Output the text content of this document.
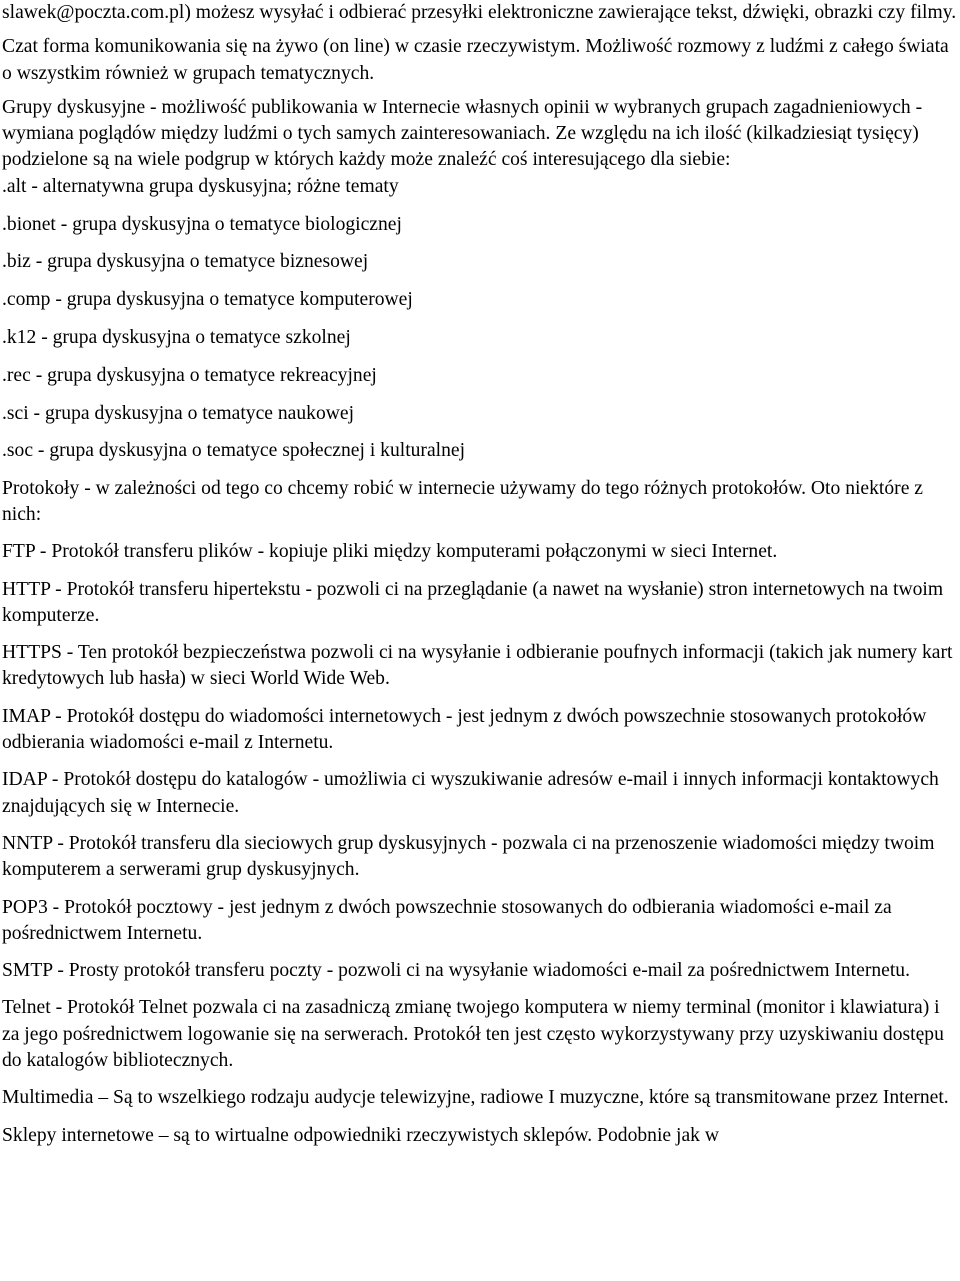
slawek@poczta.com.pl) możesz wysyłać i odbierać przesyłki elektroniczne zawierające tekst, dźwięki, obrazki czy filmy.

Czat forma komunikowania się na żywo (on line) w czasie rzeczywistym. Możliwość rozmowy z ludźmi z całego świata o wszystkim również w grupach tematycznych.

Grupy dyskusyjne - możliwość publikowania w Internecie własnych opinii w wybranych grupach zagadnieniowych - wymiana poglądów między ludźmi o tych samych zainteresowaniach. Ze względu na ich ilość (kilkadziesiąt tysięcy) podzielone są na wiele podgrup w których każdy może znaleźć coś interesującego dla siebie:

.alt - alternatywna grupa dyskusyjna; różne tematy
.bionet - grupa dyskusyjna o tematyce biologicznej
.biz - grupa dyskusyjna o tematyce biznesowej
.comp - grupa dyskusyjna o tematyce komputerowej
.k12 - grupa dyskusyjna o tematyce szkolnej
.rec - grupa dyskusyjna o tematyce rekreacyjnej
.sci - grupa dyskusyjna o tematyce naukowej
.soc - grupa dyskusyjna o tematyce społecznej i kulturalnej

Protokoły - w zależności od tego co chcemy robić w internecie używamy do tego różnych protokołów. Oto niektóre z nich:

FTP - Protokół transferu plików - kopiuje pliki między komputerami połączonymi w sieci Internet.

HTTP - Protokół transferu hipertekstu - pozwoli ci na przeglądanie (a nawet na wysłanie) stron internetowych na twoim komputerze.

HTTPS - Ten protokół bezpieczeństwa pozwoli ci na wysyłanie i odbieranie poufnych informacji (takich jak numery kart kredytowych lub hasła) w sieci World Wide Web.

IMAP - Protokół dostępu do wiadomości internetowych - jest jednym z dwóch powszechnie stosowanych protokołów odbierania wiadomości e-mail z Internetu.

IDAP - Protokół dostępu do katalogów - umożliwia ci wyszukiwanie adresów e-mail i innych informacji kontaktowych znajdujących się w Internecie.

NNTP - Protokół transferu dla sieciowych grup dyskusyjnych - pozwala ci na przenoszenie wiadomości między twoim komputerem a serwerami grup dyskusyjnych.

POP3 - Protokół pocztowy - jest jednym z dwóch powszechnie stosowanych do odbierania wiadomości e-mail za pośrednictwem Internetu.

SMTP - Prosty protokół transferu poczty - pozwoli ci na wysyłanie wiadomości e-mail za pośrednictwem Internetu.

Telnet - Protokół Telnet pozwala ci na zasadniczą zmianę twojego komputera w niemy terminal (monitor i klawiatura) i za jego pośrednictwem logowanie się na serwerach. Protokół ten jest często wykorzystywany przy uzyskiwaniu dostępu do katalogów bibliotecznych.

Multimedia – Są to wszelkiego rodzaju audycje telewizyjne, radiowe I muzyczne, które są transmitowane przez Internet.

Sklepy internetowe – są to wirtualne odpowiedniki rzeczywistych sklepów. Podobnie jak w
